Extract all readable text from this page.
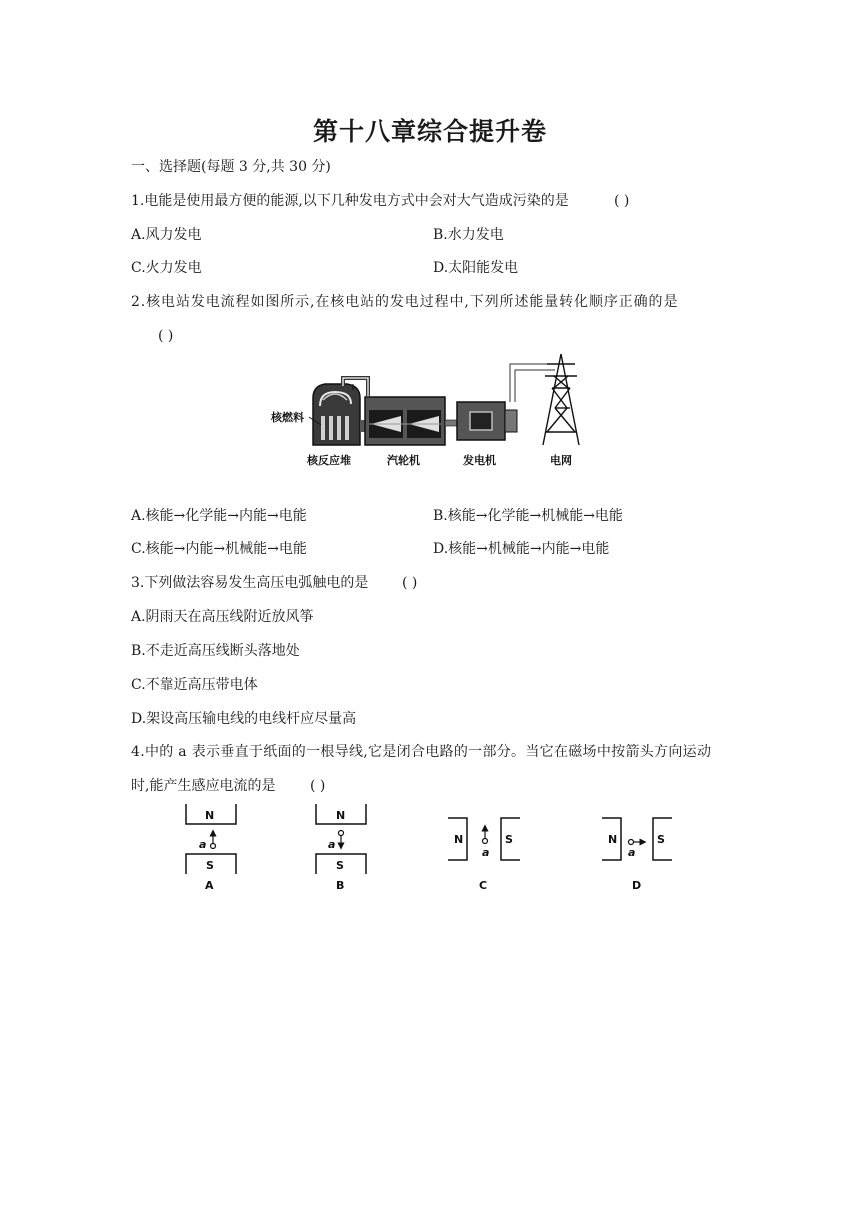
第十八章综合提升卷
一、选择题(每题 3 分,共 30 分)
1.电能是使用最方便的能源,以下几种发电方式中会对大气造成污染的是	( )
A.风力发电	B.水力发电
C.火力发电	D.太阳能发电
2.核电站发电流程如图所示,在核电站的发电过程中,下列所述能量转化顺序正确的是
( )
核燃料
核反应堆	汽轮机	发电机	电网
A.核能→化学能→内能→电能	B.核能→化学能→机械能→电能
C.核能→内能→机械能→电能	D.核能→机械能→内能→电能
3.下列做法容易发生高压电弧触电的是 ( )
A.阴雨天在高压线附近放风筝
B.不走近高压线断头落地处
C.不靠近高压带电体
D.架设高压输电线的电线杆应尽量高
4.中的 a 表示垂直于纸面的一根导线,它是闭合电路的一部分。当它在磁场中按箭头方向运动
时,能产生感应电流的是 ( )
N
S
a
A
N
S
a
B
N	S
a
C
N	S
a
D
